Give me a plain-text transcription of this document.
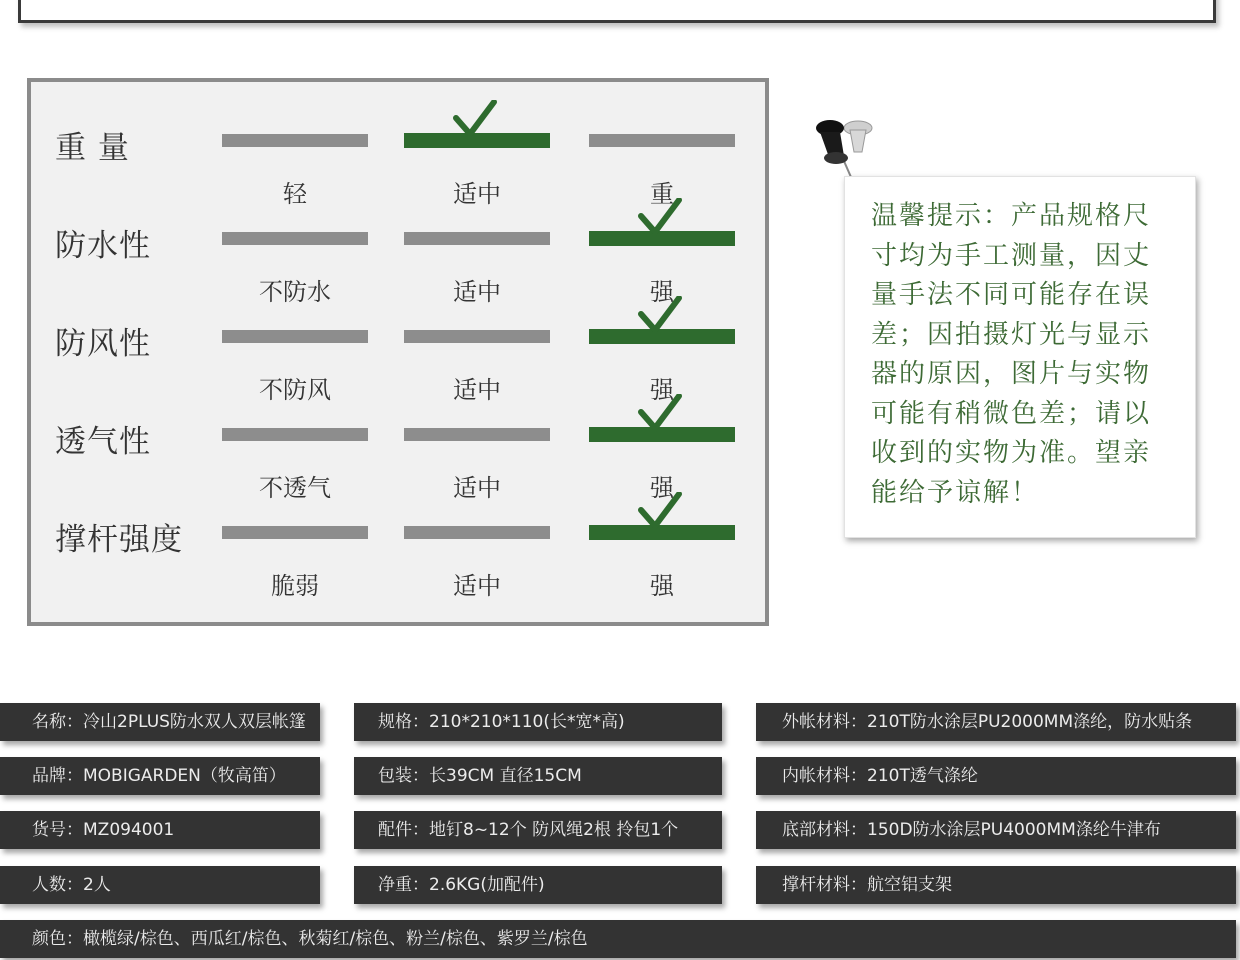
重 量
轻	适中	重
防水性
不防水	适中	强
防风性
不防风	适中	强
透气性
不透气	适中	强
撑杆强度
脆弱	适中	强
温馨提示：产品规格尺寸均为手工测量，因丈量手法不同可能存在误差；因拍摄灯光与显示器的原因，图片与实物可能有稍微色差；请以收到的实物为准。望亲能给予谅解！
名称：冷山2PLUS防水双人双层帐篷
品牌：MOBIGARDEN（牧高笛）
货号：MZ094001
人数：2人
规格：210*210*110(长*宽*高)
包装：长39CM 直径15CM
配件：地钉8~12个 防风绳2根 拎包1个
净重：2.6KG(加配件)
外帐材料：210T防水涂层PU2000MM涤纶，防水贴条
内帐材料：210T透气涤纶
底部材料：150D防水涂层PU4000MM涤纶牛津布
撑杆材料：航空铝支架
颜色：橄榄绿/棕色、西瓜红/棕色、秋菊红/棕色、粉兰/棕色、紫罗兰/棕色
